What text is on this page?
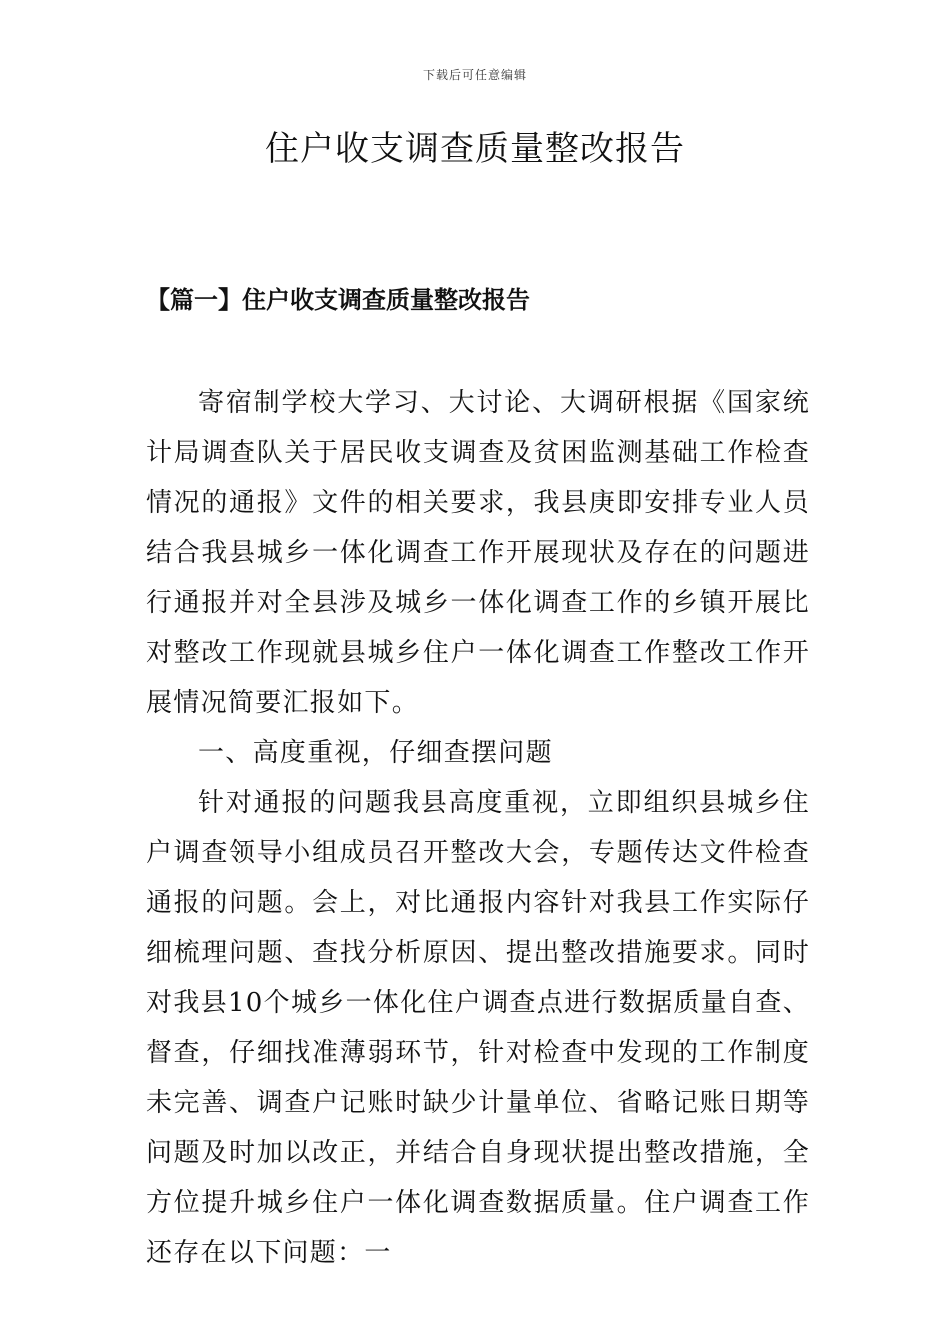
下载后可任意编辑
住户收支调查质量整改报告
【篇一】住户收支调查质量整改报告

寄宿制学校大学习、大讨论、大调研根据《国家统计局调查队关于居民收支调查及贫困监测基础工作检查情况的通报》文件的相关要求，我县庚即安排专业人员结合我县城乡一体化调查工作开展现状及存在的问题进行通报并对全县涉及城乡一体化调查工作的乡镇开展比对整改工作现就县城乡住户一体化调查工作整改工作开展情况简要汇报如下。

一、高度重视，仔细查摆问题

针对通报的问题我县高度重视，立即组织县城乡住户调查领导小组成员召开整改大会，专题传达文件检查通报的问题。会上，对比通报内容针对我县工作实际仔细梳理问题、查找分析原因、提出整改措施要求。同时对我县10个城乡一体化住户调查点进行数据质量自查、督查，仔细找准薄弱环节，针对检查中发现的工作制度未完善、调查户记账时缺少计量单位、省略记账日期等问题及时加以改正，并结合自身现状提出整改措施，全方位提升城乡住户一体化调查数据质量。住户调查工作还存在以下问题：一
